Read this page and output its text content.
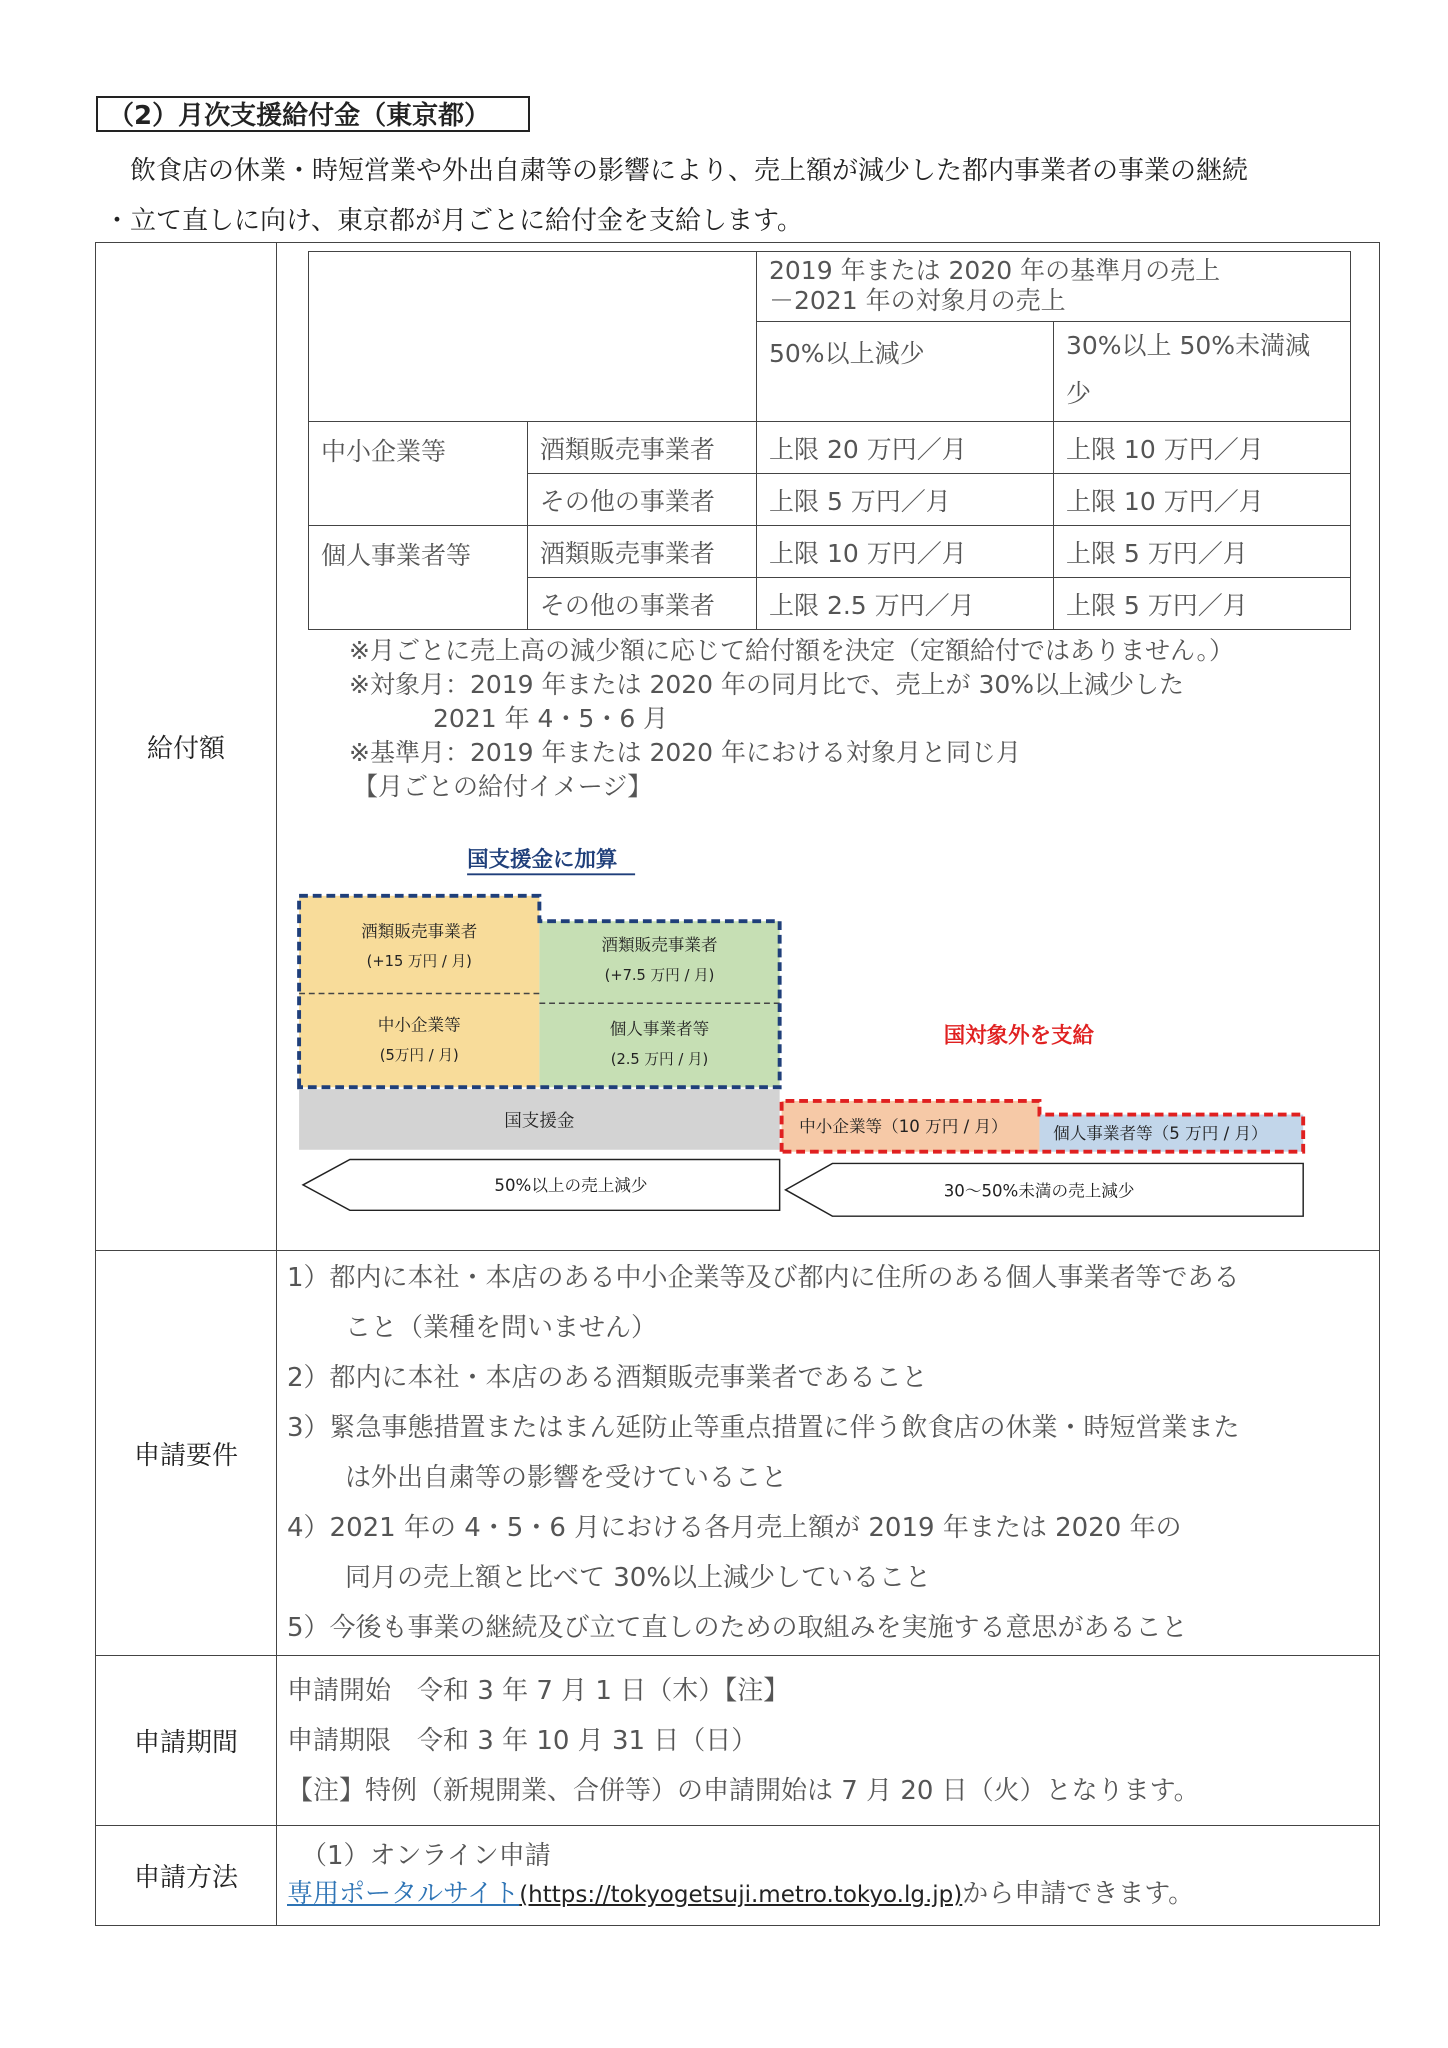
（2）月次支援給付金（東京都）
飲食店の休業・時短営業や外出自粛等の影響により、売上額が減少した都内事業者の事業の継続
・立て直しに向け、東京都が月ごとに給付金を支給します。
給付額	

2019 年または 2020 年の基準月の売上
－2021 年の対象月の売上

50%以上減少	30%以上 50%未満減
少

中小企業等	酒類販売事業者	上限 20 万円／月	上限 10 万円／月
その他の事業者	上限 5 万円／月	上限 10 万円／月
個人事業者等	酒類販売事業者	上限 10 万円／月	上限 5 万円／月
その他の事業者	上限 2.5 万円／月	上限 5 万円／月
※月ごとに売上高の減少額に応じて給付額を決定（定額給付ではありません。）
※対象月：2019 年または 2020 年の同月比で、売上が 30%以上減少した
2021 年 4・5・6 月
※基準月：2019 年または 2020 年における対象月と同じ月
【月ごとの給付イメージ】
国支援金に加算
酒類販売事業者
(+15 万円 / 月)
中小企業等
(5万円 / 月)
酒類販売事業者
(+7.5 万円 / 月)
個人事業者等
(2.5 万円 / 月)
国支援金
国対象外を支給
中小企業等（10 万円 / 月）	個人事業者等（5 万円 / 月）
50%以上の売上減少	30～50%未満の売上減少

申請要件	
1）都内に本社・本店のある中小企業等及び都内に住所のある個人事業者等である
こと（業種を問いません）
2）都内に本社・本店のある酒類販売事業者であること
3）緊急事態措置またはまん延防止等重点措置に伴う飲食店の休業・時短営業また
は外出自粛等の影響を受けていること
4）2021 年の 4・5・6 月における各月売上額が 2019 年または 2020 年の
同月の売上額と比べて 30%以上減少していること
5）今後も事業の継続及び立て直しのための取組みを実施する意思があること

申請期間	
申請開始　令和 3 年 7 月 1 日（木）【注】
申請期限　令和 3 年 10 月 31 日（日）
【注】特例（新規開業、合併等）の申請開始は 7 月 20 日（火）となります。

申請方法	
（1）オンライン申請
専用ポータルサイト(https://tokyogetsuji.metro.tokyo.lg.jp)から申請できます。
